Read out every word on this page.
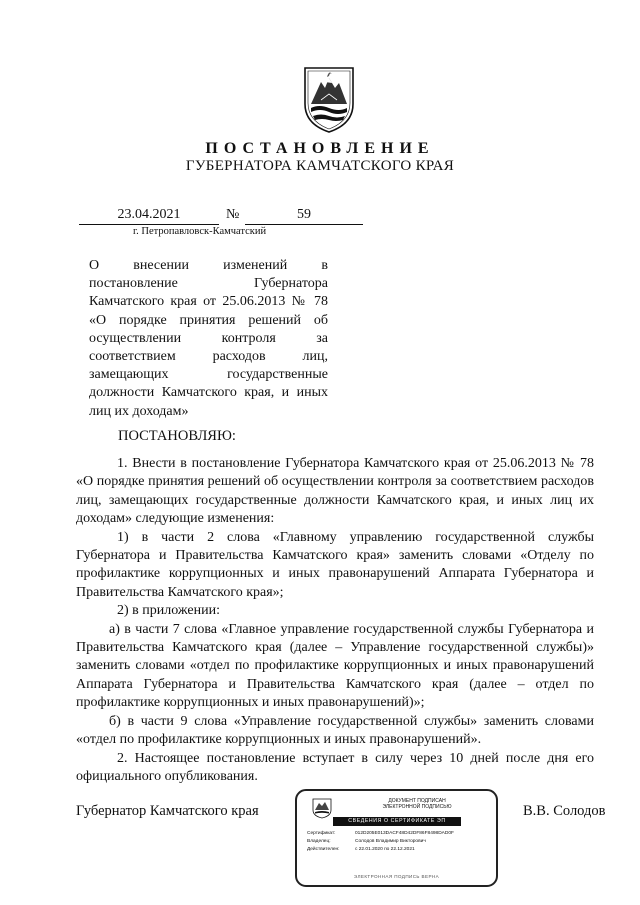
ПОСТАНОВЛЕНИЕ
ГУБЕРНАТОРА КАМЧАТСКОГО КРАЯ
23.04.2021	№	59
г. Петропавловск-Камчатский
О внесении изменений в постановление Губернатора Камчатского края от 25.06.2013 № 78 «О порядке принятия решений об осуществлении контроля за соответствием расходов лиц, замещающих государственные должности Камчатского края, и иных лиц их доходам»
ПОСТАНОВЛЯЮ:

1. Внести в постановление Губернатора Камчатского края от 25.06.2013 № 78 «О порядке принятия решений об осуществлении контроля за соответствием расходов лиц, замещающих государственные должности Камчатского края, и иных лиц их доходам» следующие изменения:

1) в части 2 слова «Главному управлению государственной службы Губернатора и Правительства Камчатского края» заменить словами «Отделу по профилактике коррупционных и иных правонарушений Аппарата Губернатора и Правительства Камчатского края»;

2) в приложении:

а) в части 7 слова «Главное управление государственной службы Губернатора и Правительства Камчатского края (далее – Управление государственной службы)» заменить словами «отдел по профилактике коррупционных и иных правонарушений Аппарата Губернатора и Правительства Камчатского края (далее – отдел по профилактике коррупционных и иных правонарушений)»;

б) в части 9 слова «Управление государственной службы» заменить словами «отдел по профилактике коррупционных и иных правонарушений».

2. Настоящее постановление вступает в силу через 10 дней после дня его официального опубликования.

Губернатор Камчатского края	В.В. Солодов
ДОКУМЕНТ ПОДПИСАН
ЭЛЕКТРОННОЙ ПОДПИСЬЮ
СВЕДЕНИЯ О СЕРТИФИКАТЕ ЭП
Сертификат:	012D205E013DACF48D42DF86F8498DAD0F
Владелец:	Солодов Владимир Викторович
Действителен:	с 22.01.2020 по 22.12.2021
ЭЛЕКТРОННАЯ ПОДПИСЬ ВЕРНА
